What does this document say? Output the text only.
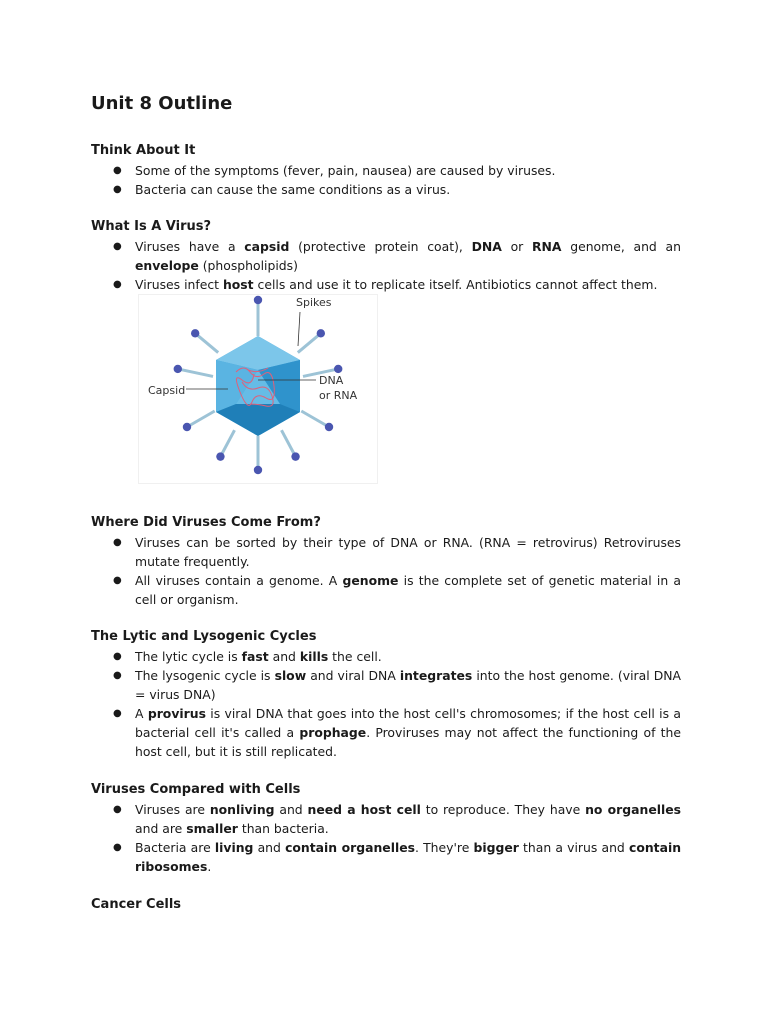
Unit 8 Outline
Think About It
● Some of the symptoms (fever, pain, nausea) are caused by viruses.
● Bacteria can cause the same conditions as a virus.
What Is A Virus?
● Viruses have a capsid (protective protein coat), DNA or RNA genome, and an envelope (phospholipids)
● Viruses infect host cells and use it to replicate itself. Antibiotics cannot affect them.
Spikes
Capsid
DNA
or RNA
Where Did Viruses Come From?
● Viruses can be sorted by their type of DNA or RNA. (RNA = retrovirus) Retroviruses mutate frequently.
● All viruses contain a genome. A genome is the complete set of genetic material in a cell or organism.
The Lytic and Lysogenic Cycles
● The lytic cycle is fast and kills the cell.
● The lysogenic cycle is slow and viral DNA integrates into the host genome. (viral DNA = virus DNA)
● A provirus is viral DNA that goes into the host cell's chromosomes; if the host cell is a bacterial cell it's called a prophage. Proviruses may not affect the functioning of the host cell, but it is still replicated.
Viruses Compared with Cells
● Viruses are nonliving and need a host cell to reproduce. They have no organelles and are smaller than bacteria.
● Bacteria are living and contain organelles. They're bigger than a virus and contain ribosomes.
Cancer Cells
